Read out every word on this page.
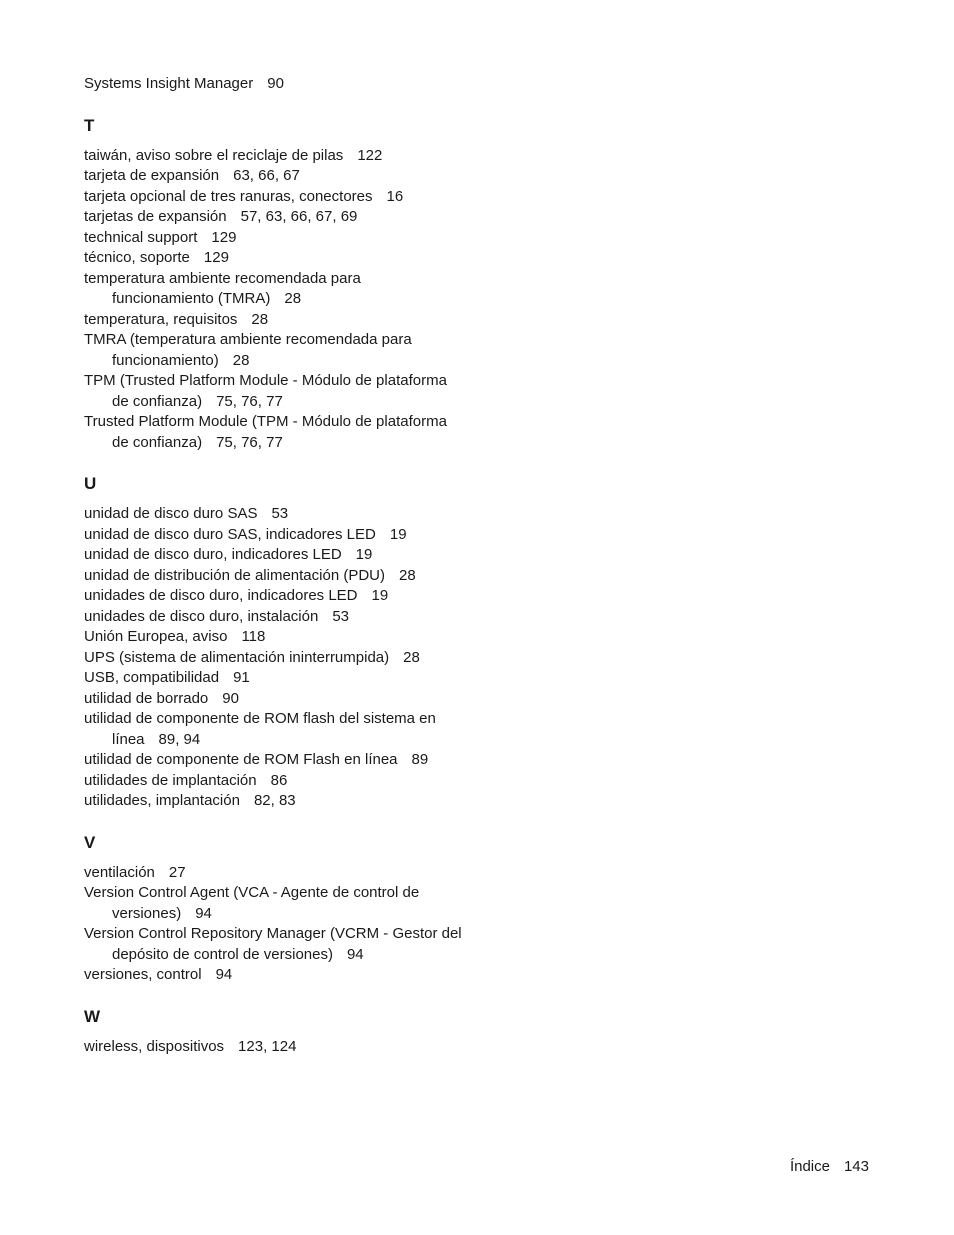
Systems Insight Manager 90
T
taiwán, aviso sobre el reciclaje de pilas 122
tarjeta de expansión 63, 66, 67
tarjeta opcional de tres ranuras, conectores 16
tarjetas de expansión 57, 63, 66, 67, 69
technical support 129
técnico, soporte 129
temperatura ambiente recomendada para funcionamiento (TMRA) 28
temperatura, requisitos 28
TMRA (temperatura ambiente recomendada para funcionamiento) 28
TPM (Trusted Platform Module - Módulo de plataforma de confianza) 75, 76, 77
Trusted Platform Module (TPM - Módulo de plataforma de confianza) 75, 76, 77
U
unidad de disco duro SAS 53
unidad de disco duro SAS, indicadores LED 19
unidad de disco duro, indicadores LED 19
unidad de distribución de alimentación (PDU) 28
unidades de disco duro, indicadores LED 19
unidades de disco duro, instalación 53
Unión Europea, aviso 118
UPS (sistema de alimentación ininterrumpida) 28
USB, compatibilidad 91
utilidad de borrado 90
utilidad de componente de ROM flash del sistema en línea 89, 94
utilidad de componente de ROM Flash en línea 89
utilidades de implantación 86
utilidades, implantación 82, 83
V
ventilación 27
Version Control Agent (VCA - Agente de control de versiones) 94
Version Control Repository Manager (VCRM - Gestor del depósito de control de versiones) 94
versiones, control 94
W
wireless, dispositivos 123, 124
Índice 143
